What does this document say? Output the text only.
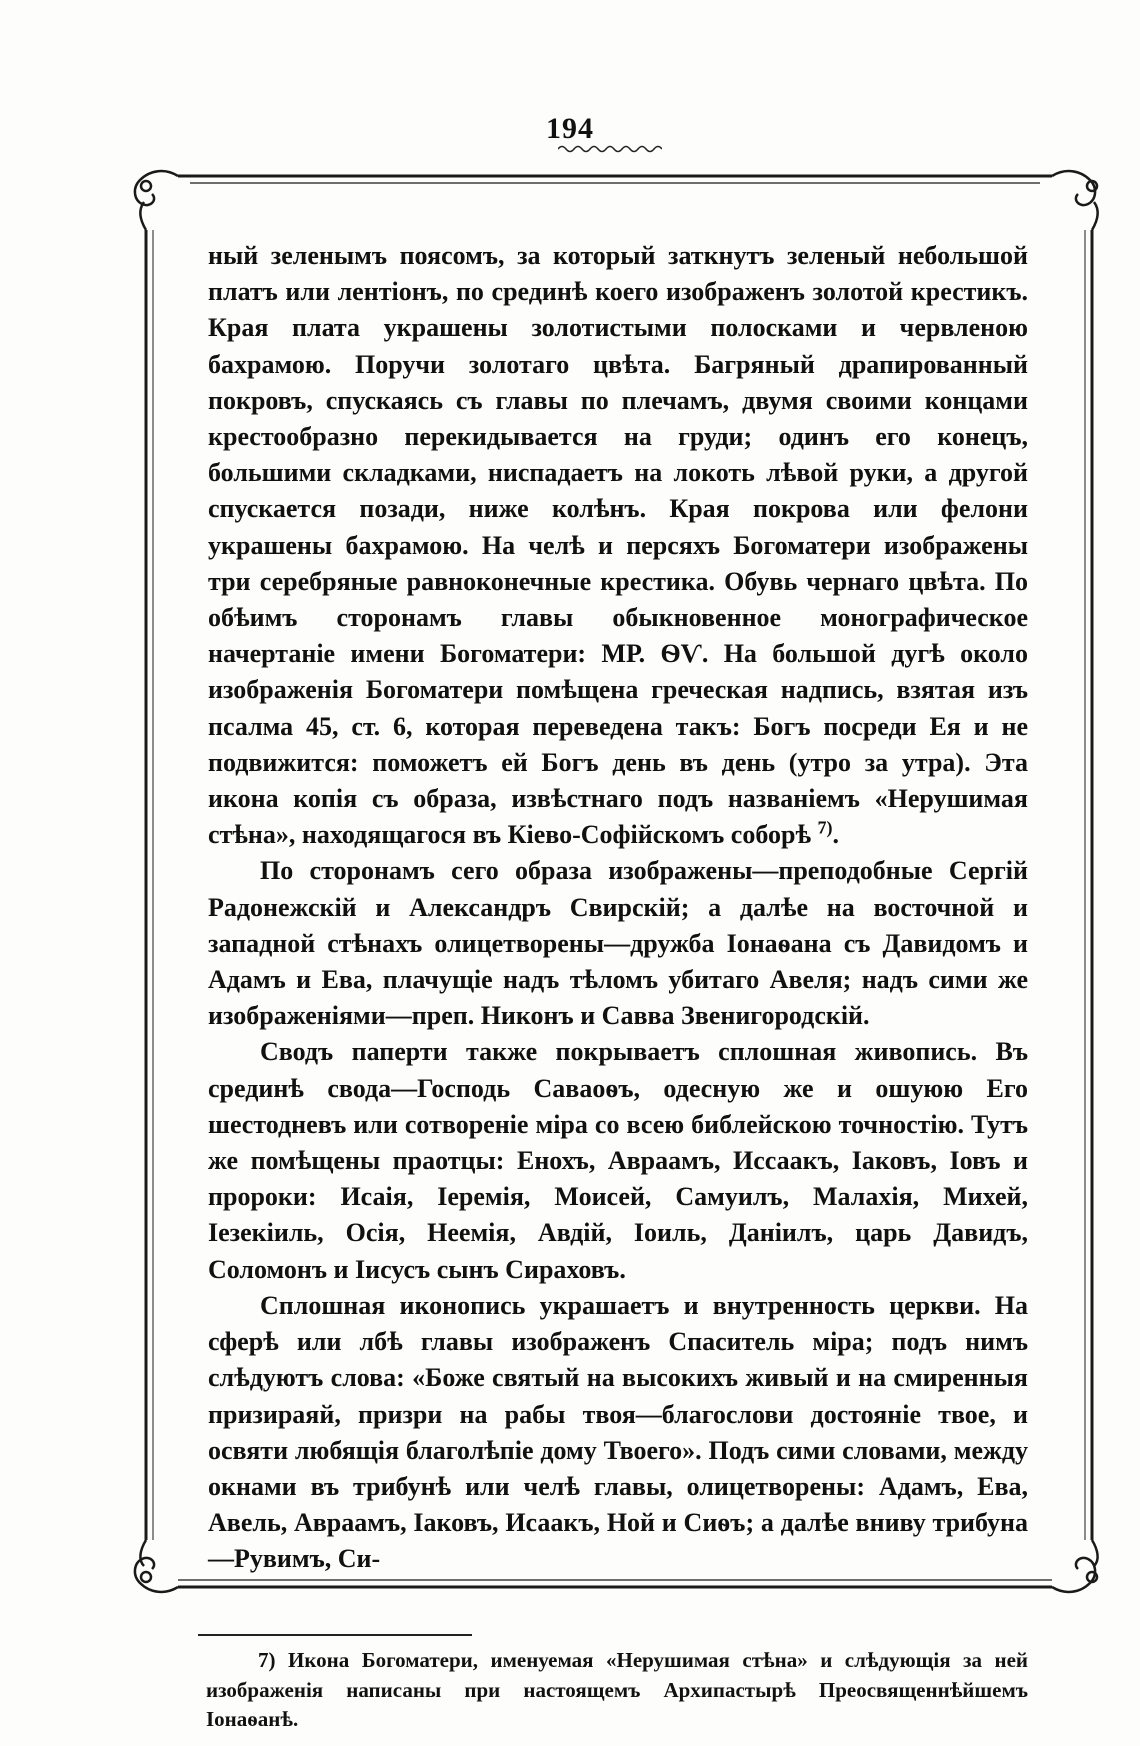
194

ный зеленымъ поясомъ, за который заткнутъ зеленый небольшой платъ или лентіонъ, по срединѣ коего изображенъ золотой крестикъ. Края плата украшены золотистыми полосками и червленою бахрамою. Поручи золотаго цвѣта. Багряный драпированный покровъ, спускаясь съ главы по плечамъ, двумя своими концами крестообразно перекидывается на груди; одинъ его конецъ, большими складками, ниспадаетъ на локоть лѣвой руки, а другой спускается позади, ниже колѣнъ. Края покрова или фелони украшены бахрамою. На челѣ и персяхъ Богоматери изображены три серебряные равноконечные крестика. Обувь чернаго цвѣта. По обѣимъ сторонамъ главы обыкновенное монографическое начертаніе имени Богоматери: МР. ѲѴ. На большой дугѣ около изображенія Богоматери помѣщена греческая надпись, взятая изъ псалма 45, ст. 6, которая переведена такъ: Богъ посреди Ея и не подвижится: поможетъ ей Богъ день въ день (утро за утра). Эта икона копія съ образа, извѣстнаго подъ названіемъ «Нерушимая стѣна», находящагося въ Кіево-Софійскомъ соборѣ $^{7)}$.

По сторонамъ сего образа изображены—преподобные Сергій Радонежскій и Александръ Свирскій; а далѣе на восточной и западной стѣнахъ олицетворены—дружба Іонаѳана съ Давидомъ и Адамъ и Ева, плачущіе надъ тѣломъ убитаго Авеля; надъ сими же изображеніями—преп. Никонъ и Савва Звенигородскій.

Сводъ паперти также покрываетъ сплошная живопись. Въ срединѣ свода—Господь Саваоѳъ, одесную же и ошуюю Его шестодневъ или сотвореніе міра со всею библейскою точностію. Тутъ же помѣщены праотцы: Енохъ, Авраамъ, Иссаакъ, Іаковъ, Іовъ и пророки: Исаія, Іеремія, Моисей, Самуилъ, Малахія, Михей, Іезекіиль, Осія, Неемія, Авдій, Іоиль, Даніилъ, царь Давидъ, Соломонъ и Іисусъ сынъ Сираховъ.

Сплошная иконопись украшаетъ и внутренность церкви. На сферѣ или лбѣ главы изображенъ Спаситель міра; подъ нимъ слѣдуютъ слова: «Боже святый на высокихъ живый и на смиренныя призираяй, призри на рабы твоя—благослови достояніе твое, и освяти любящія благолѣпіе дому Твоего». Подъ сими словами, между окнами въ трибунѣ или челѣ главы, олицетворены: Адамъ, Ева, Авель, Авраамъ, Іаковъ, Исаакъ, Ной и Сиѳъ; а далѣе вниву трибуна—Рувимъ, Си-

7) Икона Богоматери, именуемая «Нерушимая стѣна» и слѣдующія за ней изображенія написаны при настоящемъ Архипастырѣ Преосвященнѣйшемъ Іонаѳанѣ.
